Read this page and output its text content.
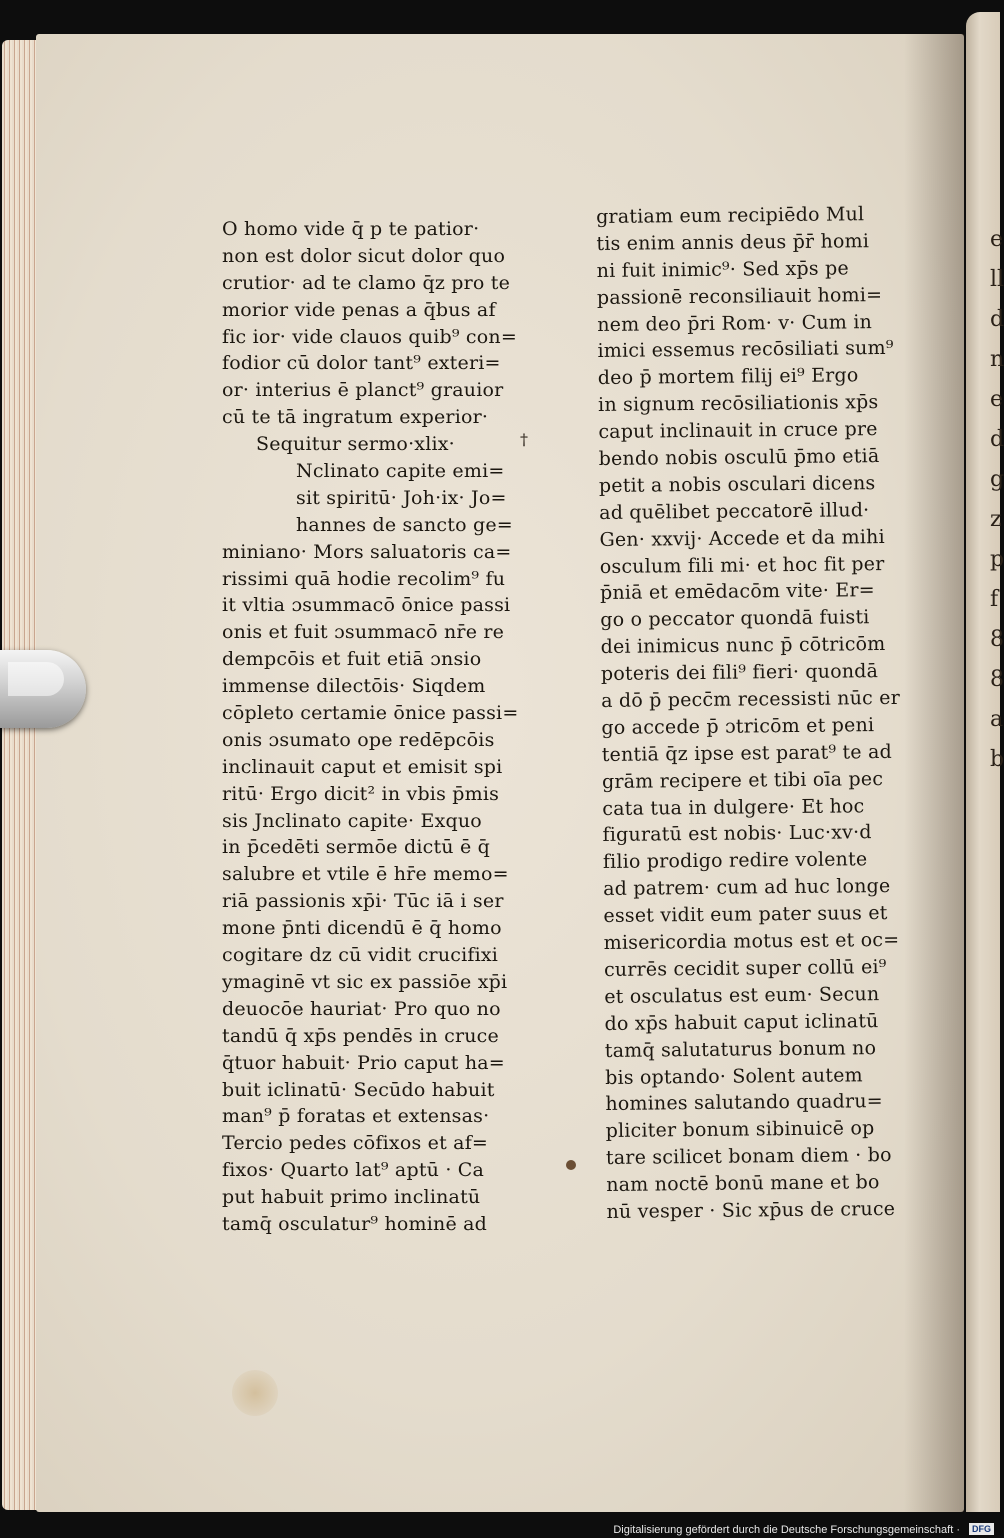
e
ll
d
n
e
d
g
z
p
f
8
8
a
b
O homo vide q̄ p te patior·
non est dolor sicut dolor quo
crutior· ad te clamo q̄z pro te
morior vide penas a q̄bus af
fic ior· vide clauos quib⁹ con=
fodior cū dolor tant⁹ exteri=
or· interius ē planct⁹ grauior
cū te tā ingratum experior·
Sequitur sermo·xlix·
Nclinato capite emi=
sit spiritū· Joh·ix· Jo=
hannes de sancto ge=
miniano· Mors saluatoris ca=
rissimi quā hodie recolim⁹ fu
it vltia ɔsummacō ōnice passi
onis et fuit ɔsummacō nr̄e re
dempcōis et fuit etiā ɔnsio
immense dilectōis· Siqdem
cōpleto certamie ōnice passi=
onis ɔsumato ope redēpcōis
inclinauit caput et emisit spi
ritū· Ergo dicit² in vbis p̄mis
sis Jnclinato capite· Exquo
in p̄cedēti sermōe dictū ē q̄
salubre et vtile ē hr̄e memo=
riā passionis xp̄i· Tūc iā i ser
mone p̄nti dicendū ē q̄ homo
cogitare dz cū vidit crucifixi
ymaginē vt sic ex passiōe xp̄i
deuocōe hauriat· Pro quo no
tandū q̄ xp̄s pendēs in cruce
q̄tuor habuit· Prio caput ha=
buit iclinatū· Secūdo habuit
man⁹ p̄ foratas et extensas·
Tercio pedes cōfixos et af=
fixos· Quarto lat⁹ aptū · Ca
put habuit primo inclinatū
tamq̄ osculatur⁹ hominē ad
gratiam eum recipiēdo Mul
tis enim annis deus p̄r̄ homi
ni fuit inimic⁹· Sed xp̄s pe
passionē reconsiliauit homi=
nem deo p̄ri Rom· v· Cum in
imici essemus recōsiliati sum⁹
deo p̄ mortem filij ei⁹ Ergo
in signum recōsiliationis xp̄s
caput inclinauit in cruce pre
bendo nobis osculū p̄mo etiā
petit a nobis osculari dicens
ad quēlibet peccatorē illud·
Gen· xxvij· Accede et da mihi
osculum fili mi· et hoc fit per
p̄niā et emēdacōm vite· Er=
go o peccator quondā fuisti
dei inimicus nunc p̄ cōtricōm
poteris dei fili⁹ fieri· quondā
a dō p̄ pecc̄m recessisti nūc er
go accede p̄ ɔtricōm et peni
tentiā q̄z ipse est parat⁹ te ad
grām recipere et tibi oīa pec
cata tua in dulgere· Et hoc
figuratū est nobis· Luc·xv·d
filio prodigo redire volente
ad patrem· cum ad huc longe
esset vidit eum pater suus et
misericordia motus est et oc=
currēs cecidit super collū ei⁹
et osculatus est eum· Secun
do xp̄s habuit caput iclinatū
tamq̄ salutaturus bonum no
bis optando· Solent autem
homines salutando quadru=
pliciter bonum sibinuicē op
tare scilicet bonam diem · bo
nam noctē bonū mane et bo
nū vesper · Sic xp̄us de cruce
†
Digitalisierung gefördert durch die Deutsche Forschungsgemeinschaft ·	DFG
